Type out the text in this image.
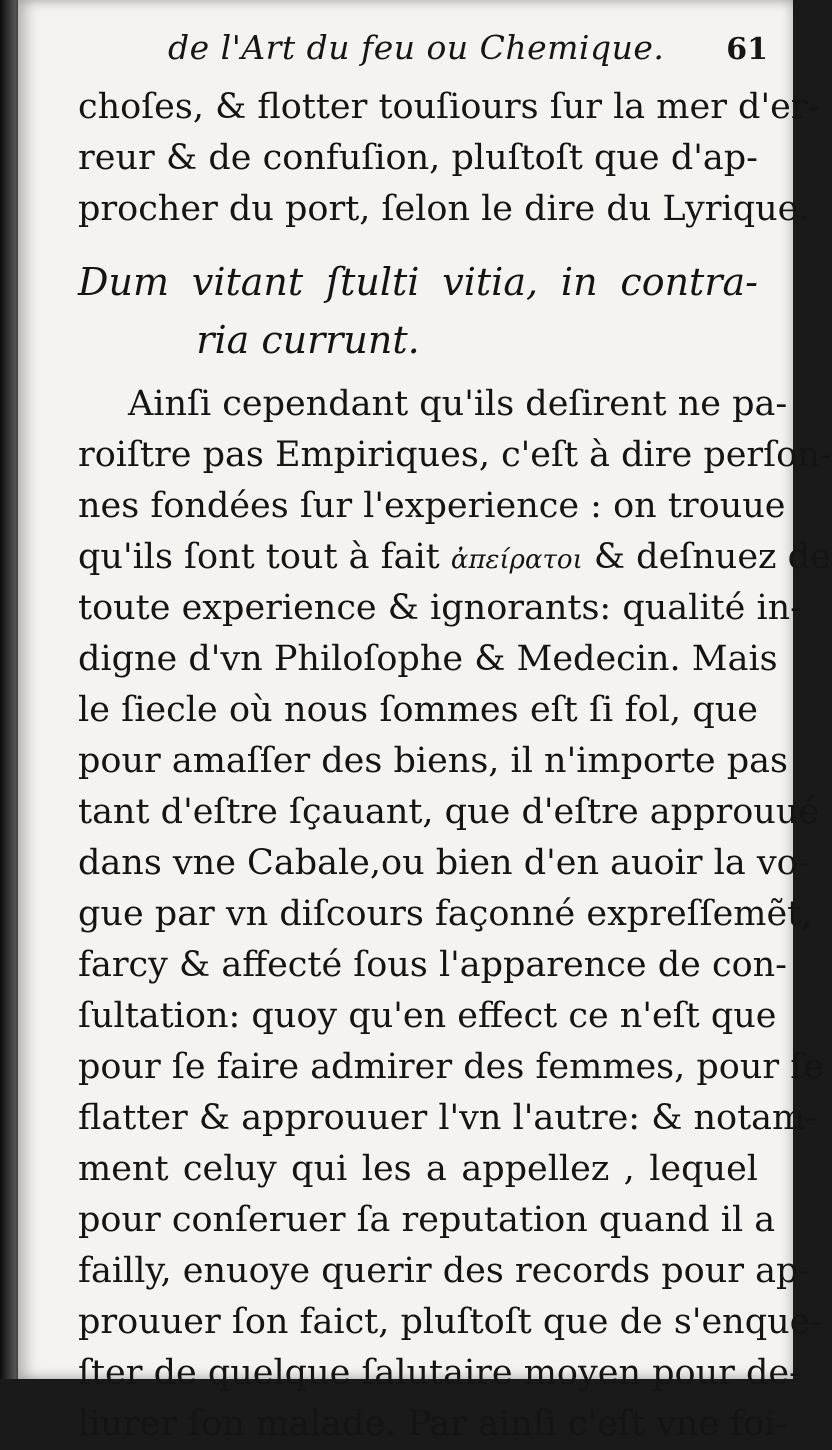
de l'Art du feu ou Chemique. 61
choſes, & flotter touſiours ſur la mer d'er-
reur & de confuſion, pluſtoſt que d'ap-
procher du port, ſelon le dire du Lyrique.
Dum vitant ſtulti vitia, in contra-
ria currunt.
Ainſi cependant qu'ils deſirent ne pa-
roiſtre pas Empiriques, c'eſt à dire perſon-
nes fondées ſur l'experience : on trouue
qu'ils ſont tout à fait ἀπείρατοι & deſnuez de
toute experience & ignorants: qualité in-
digne d'vn Philoſophe & Medecin. Mais
le ſiecle où nous ſommes eſt ſi fol, que
pour amaſſer des biens, il n'importe pas
tant d'eſtre ſçauant, que d'eſtre approuué
dans vne Cabale,ou bien d'en auoir la vo-
gue par vn diſcours façonné expreſſemẽt,
farcy & affecté ſous l'apparence de con-
ſultation: quoy qu'en effect ce n'eſt que
pour ſe faire admirer des femmes, pour ſe
flatter & approuuer l'vn l'autre: & notam-
ment celuy qui les a appellez , lequel
pour conſeruer ſa reputation quand il a
failly, enuoye querir des records pour ap-
prouuer ſon faict, pluſtoſt que de s'enque-
ſter de quelque ſalutaire moyen pour de-
liurer ſon malade. Par ainſi c'eſt vne foi-
